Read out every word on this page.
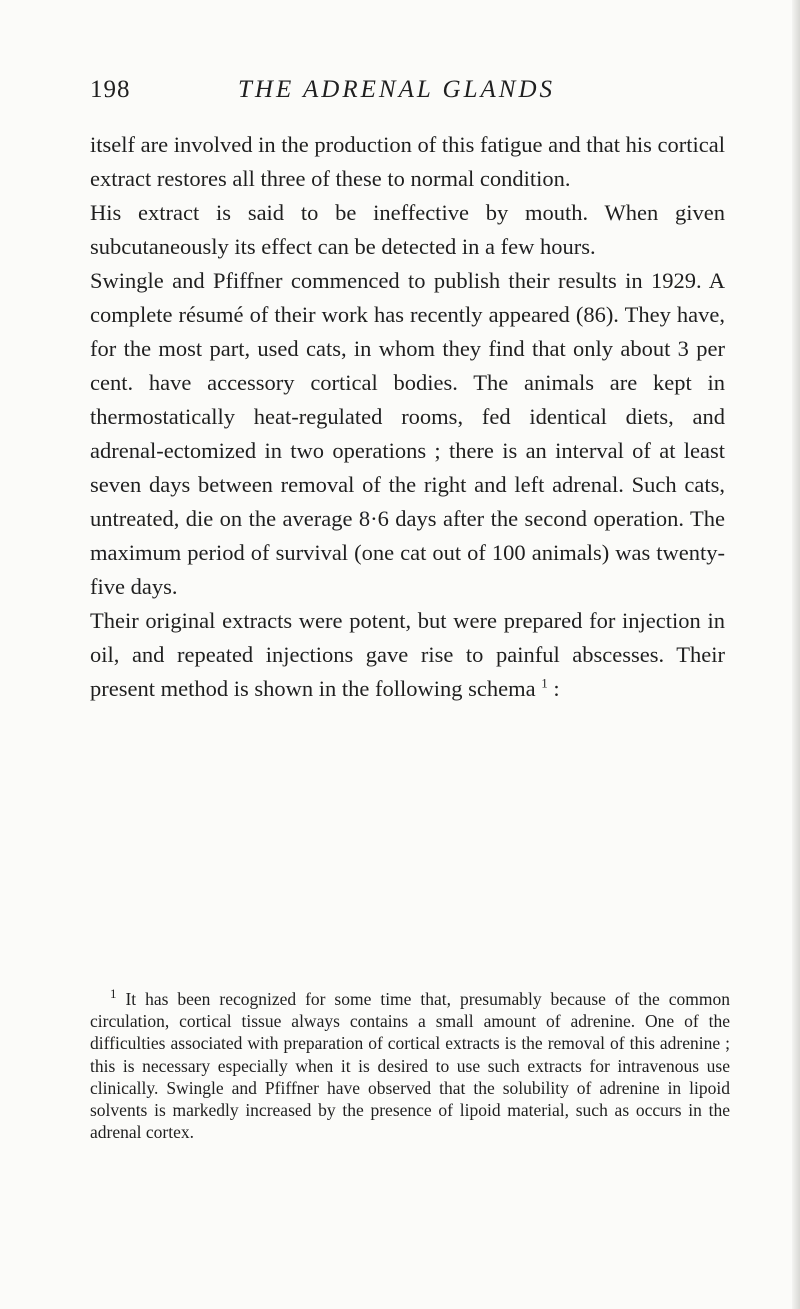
198	THE ADRENAL GLANDS

itself are involved in the production of this fatigue and that his cortical extract restores all three of these to normal condition.

His extract is said to be ineffective by mouth. When given subcutaneously its effect can be detected in a few hours.

Swingle and Pfiffner commenced to publish their results in 1929. A complete résumé of their work has recently appeared (86). They have, for the most part, used cats, in whom they find that only about 3 per cent. have accessory cortical bodies. The animals are kept in thermostatically heat-regulated rooms, fed identical diets, and adrenal-ectomized in two operations ; there is an interval of at least seven days between removal of the right and left adrenal. Such cats, untreated, die on the average 8·6 days after the second operation. The maximum period of survival (one cat out of 100 animals) was twenty-five days.

Their original extracts were potent, but were prepared for injection in oil, and repeated injections gave rise to painful abscesses. Their present method is shown in the following schema $^1$ :

$^1$ It has been recognized for some time that, presumably because of the common circulation, cortical tissue always contains a small amount of adrenine. One of the difficulties associated with preparation of cortical extracts is the removal of this adrenine ; this is necessary especially when it is desired to use such extracts for intravenous use clinically. Swingle and Pfiffner have observed that the solubility of adrenine in lipoid solvents is markedly increased by the presence of lipoid material, such as occurs in the adrenal cortex.
